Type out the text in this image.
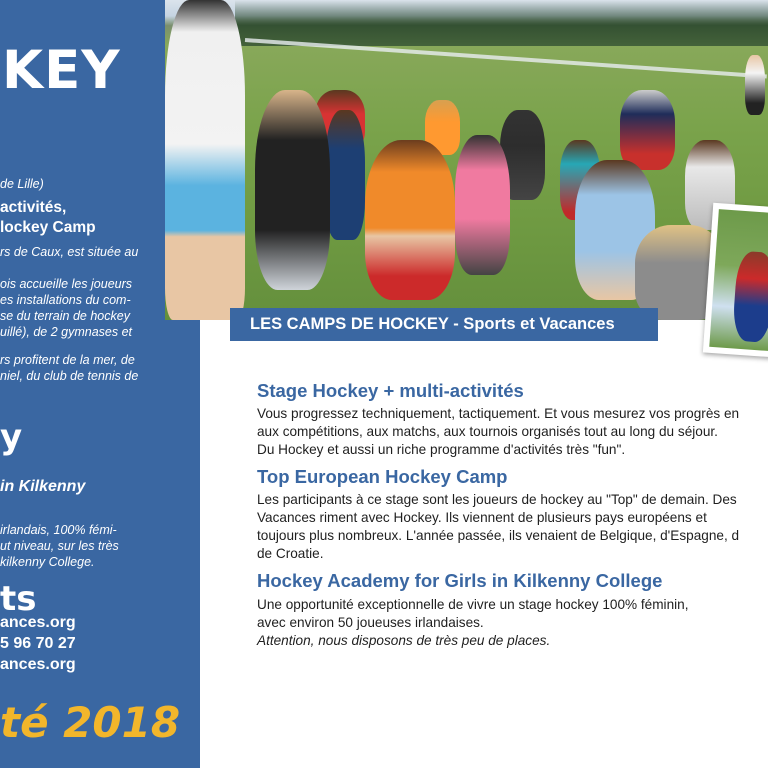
KEY
de Lille)
activités,
lockey Camp
rs de Caux, est située au
ois accueille les joueurs
es installations du com-
se du terrain de hockey
uillé), de 2 gymnases et
rs profitent de la mer, de
niel, du club de tennis de
y
in Kilkenny
irlandais, 100% fémi-
ut niveau, sur les très
kilkenny College.
ts
ances.org
5 96 70 27
ances.org
té 2018
LES CAMPS DE HOCKEY - Sports et Vacances
Stage Hockey + multi-activités
Vous progressez techniquement, tactiquement. Et vous mesurez vos progrès en
aux compétitions, aux matchs, aux tournois organisés tout au long du séjour.
Du Hockey et aussi un riche programme d'activités très "fun".
Top European Hockey Camp
Les participants à ce stage sont les joueurs de hockey au "Top" de demain. Des
Vacances riment avec Hockey. Ils viennent de plusieurs pays européens et
toujours plus nombreux. L'année passée, ils venaient de Belgique, d'Espagne, d
de Croatie.
Hockey Academy for Girls in Kilkenny College
Une opportunité exceptionnelle de vivre un stage hockey 100% féminin,
avec environ 50 joueuses irlandaises.
Attention, nous disposons de très peu de places.
